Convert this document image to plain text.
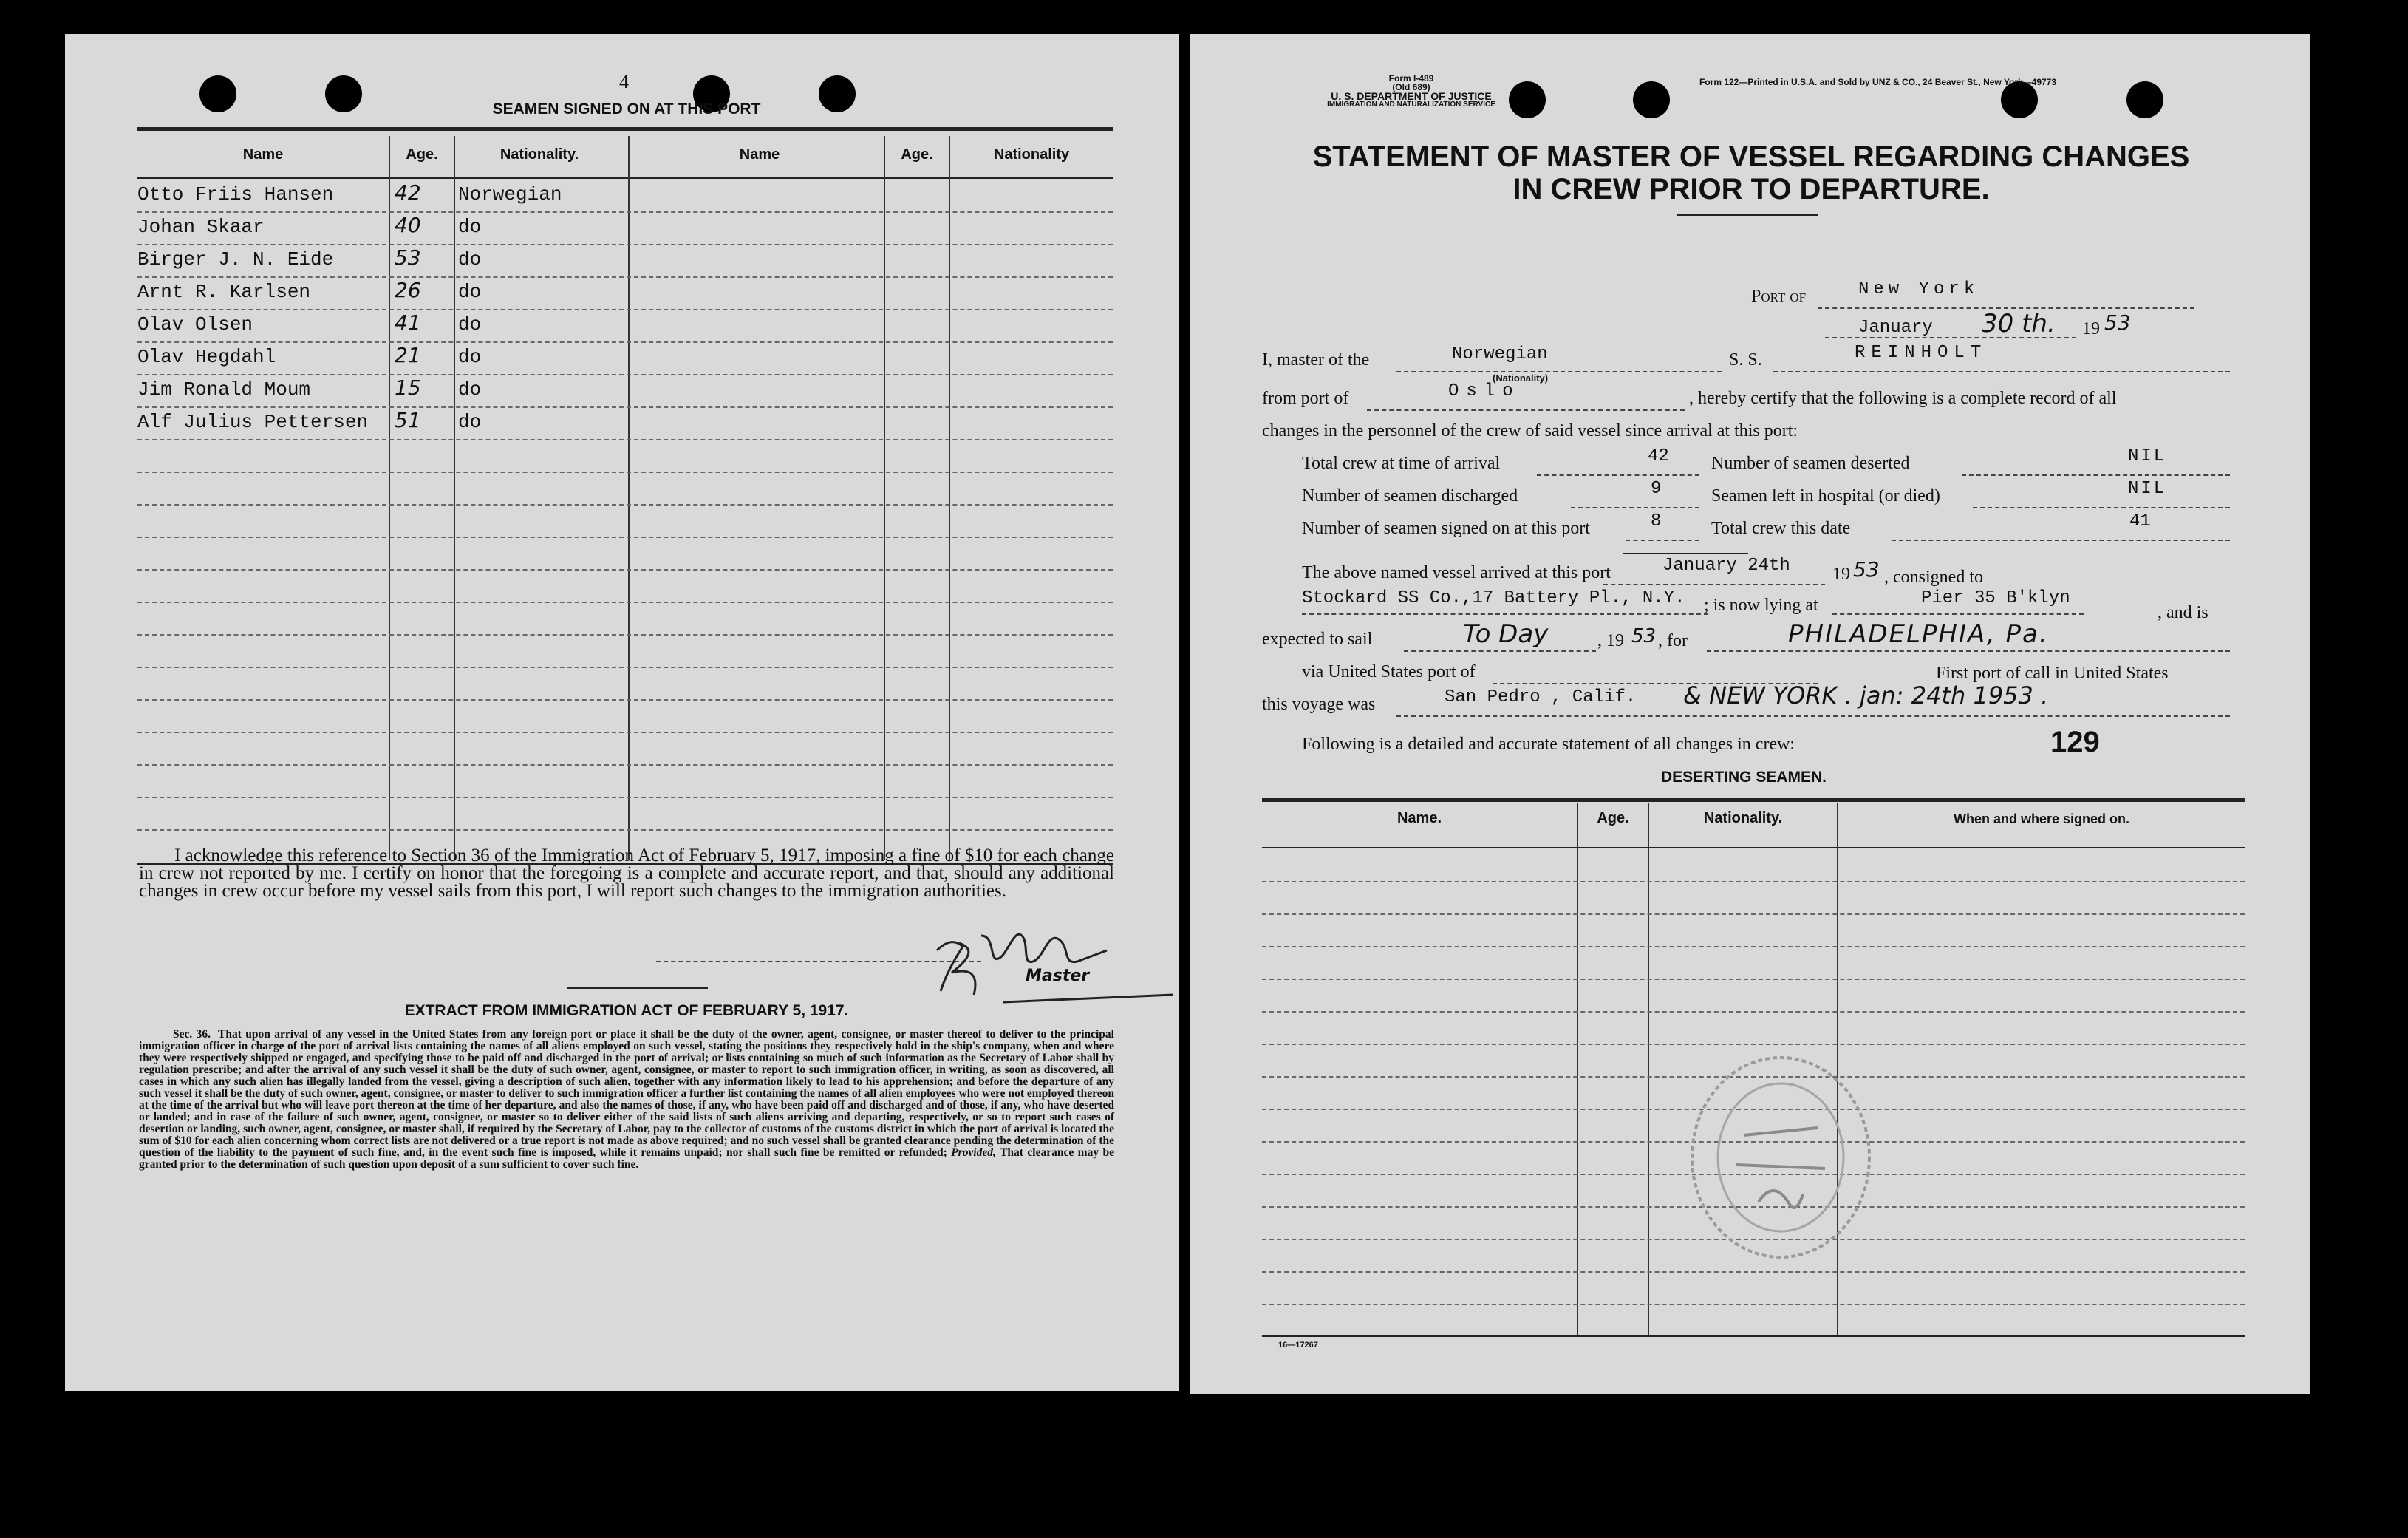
4
SEAMEN SIGNED ON AT THIS PORT
Name	Age.	Nationality.	Name	Age.	Nationality
Otto Friis Hansen	42 Norwegian
Johan Skaar	40 do
Birger J. N. Eide	53 do
Arnt R. Karlsen	26 do
Olav Olsen	41 do
Olav Hegdahl	21 do
Jim Ronald Moum	15 do
Alf Julius Pettersen 51 do
I acknowledge this reference to Section 36 of the Immigration Act of February 5, 1917, imposing a fine of $10 for each change in crew not reported by me. I certify on honor that the foregoing is a complete and accurate report, and that, should any additional changes in crew occur before my vessel sails from this port, I will report such changes to the immigration authorities.
Master
EXTRACT FROM IMMIGRATION ACT OF FEBRUARY 5, 1917.
Sec. 36. That upon arrival of any vessel in the United States from any foreign port or place it shall be the duty of the owner, agent, consignee, or master thereof to deliver to the principal immigration officer in charge of the port of arrival lists containing the names of all aliens employed on such vessel, stating the positions they respectively hold in the ship's company, when and where they were respectively shipped or engaged, and specifying those to be paid off and discharged in the port of arrival; or lists containing so much of such information as the Secretary of Labor shall by regulation prescribe; and after the arrival of any such vessel it shall be the duty of such owner, agent, consignee, or master to report to such immigration officer, in writing, as soon as discovered, all cases in which any such alien has illegally landed from the vessel, giving a description of such alien, together with any information likely to lead to his apprehension; and before the departure of any such vessel it shall be the duty of such owner, agent, consignee, or master to deliver to such immigration officer a further list containing the names of all alien employees who were not employed thereon at the time of the arrival but who will leave port thereon at the time of her departure, and also the names of those, if any, who have been paid off and discharged and of those, if any, who have deserted or landed; and in case of the failure of such owner, agent, consignee, or master so to deliver either of the said lists of such aliens arriving and departing, respectively, or so to report such cases of desertion or landing, such owner, agent, consignee, or master shall, if required by the Secretary of Labor, pay to the collector of customs of the customs district in which the port of arrival is located the sum of $10 for each alien concerning whom correct lists are not delivered or a true report is not made as above required; and no such vessel shall be granted clearance pending the determination of the question of the liability to the payment of such fine, and, in the event such fine is imposed, while it remains unpaid; nor shall such fine be remitted or refunded; Provided, That clearance may be granted prior to the determination of such question upon deposit of a sum sufficient to cover such fine.
Form I-489
(Old 689)
U. S. DEPARTMENT OF JUSTICE
IMMIGRATION AND NATURALIZATION SERVICE
Form 122—Printed in U.S.A. and Sold by UNZ & CO., 24 Beaver St., New York—49773
STATEMENT OF MASTER OF VESSEL REGARDING CHANGES
IN CREW PRIOR TO DEPARTURE.
Port of	New York
January 30 th. 19 53
I, master of the	Norwegian
(Nationality)
S. S.	REINHOLT
from port of	Oslo	, hereby certify that the following is a complete record of all
changes in the personnel of the crew of said vessel since arrival at this port:
Total crew at time of arrival	42
Number of seamen discharged	9
Number of seamen signed on at this port	8
Number of seamen deserted	NIL
Seamen left in hospital (or died)	NIL
Total crew this date	41
The above named vessel arrived at this port	January 24th 19 53 , consigned to
Stockard SS Co.,17 Battery Pl., N.Y. ; is now lying at	Pier 35 B'klyn
, and is
expected to sail	To Day	, 19 53 , for	PHILADELPHIA, Pa.
via United States port of	First port of call in United States
this voyage was	San Pedro , Calif. & NEW YORK . jan: 24th 1953 .
Following is a detailed and accurate statement of all changes in crew:	129
DESERTING SEAMEN.
Name.	Age.	Nationality.	When and where signed on.
16—17267
